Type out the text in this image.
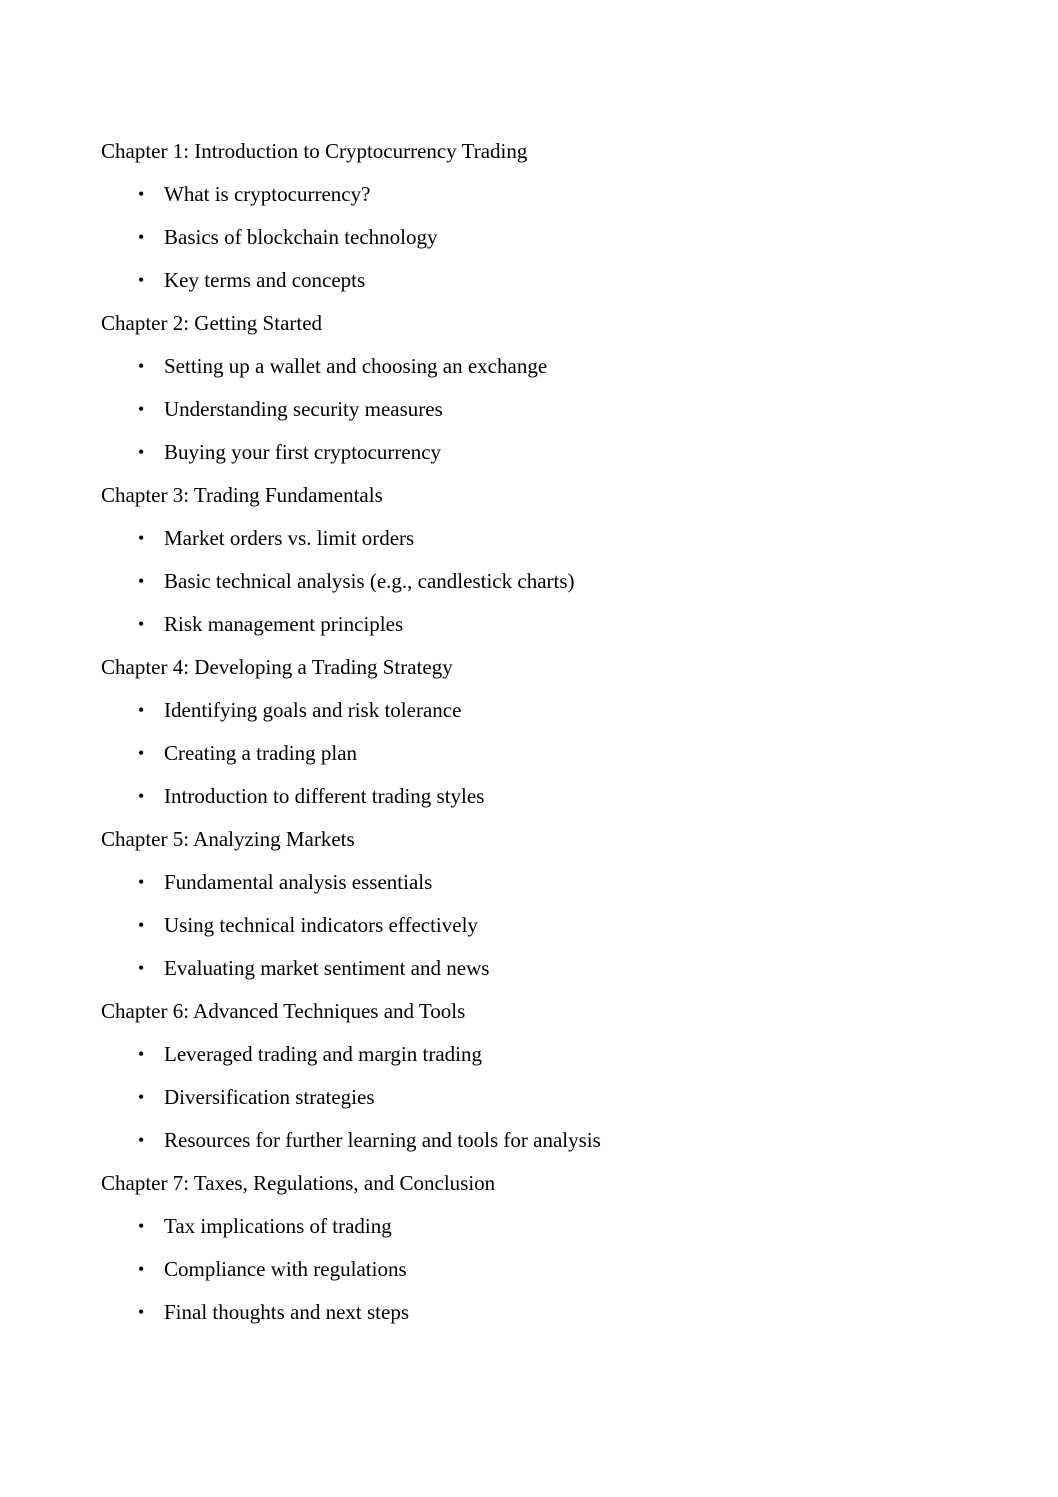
Chapter 1: Introduction to Cryptocurrency Trading
• What is cryptocurrency?
• Basics of blockchain technology
• Key terms and concepts
Chapter 2: Getting Started
• Setting up a wallet and choosing an exchange
• Understanding security measures
• Buying your first cryptocurrency
Chapter 3: Trading Fundamentals
• Market orders vs. limit orders
• Basic technical analysis (e.g., candlestick charts)
• Risk management principles
Chapter 4: Developing a Trading Strategy
• Identifying goals and risk tolerance
• Creating a trading plan
• Introduction to different trading styles
Chapter 5: Analyzing Markets
• Fundamental analysis essentials
• Using technical indicators effectively
• Evaluating market sentiment and news
Chapter 6: Advanced Techniques and Tools
• Leveraged trading and margin trading
• Diversification strategies
• Resources for further learning and tools for analysis
Chapter 7: Taxes, Regulations, and Conclusion
• Tax implications of trading
• Compliance with regulations
• Final thoughts and next steps
